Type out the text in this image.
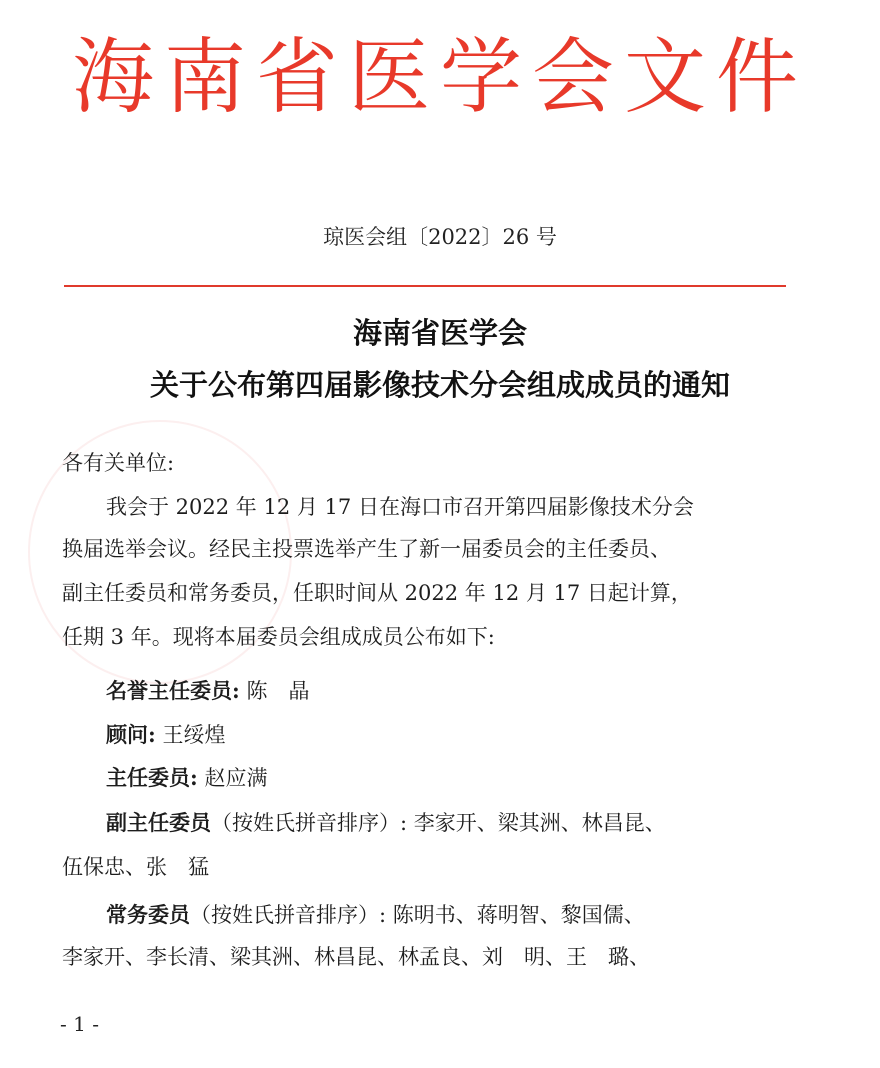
海南省医学会文件
琼医会组〔2022〕26 号
海南省医学会
关于公布第四届影像技术分会组成成员的通知
各有关单位:
我会于 2022 年 12 月 17 日在海口市召开第四届影像技术分会
换届选举会议。经民主投票选举产生了新一届委员会的主任委员、
副主任委员和常务委员，任职时间从 2022 年 12 月 17 日起计算，
任期 3 年。现将本届委员会组成成员公布如下:
名誉主任委员: 陈　晶
顾问: 王绥煌
主任委员: 赵应满
副主任委员（按姓氏拼音排序）: 李家开、梁其洲、林昌昆、
伍保忠、张　猛
常务委员（按姓氏拼音排序）: 陈明书、蒋明智、黎国儒、
李家开、李长清、梁其洲、林昌昆、林孟良、刘　明、王　璐、
- 1 -
